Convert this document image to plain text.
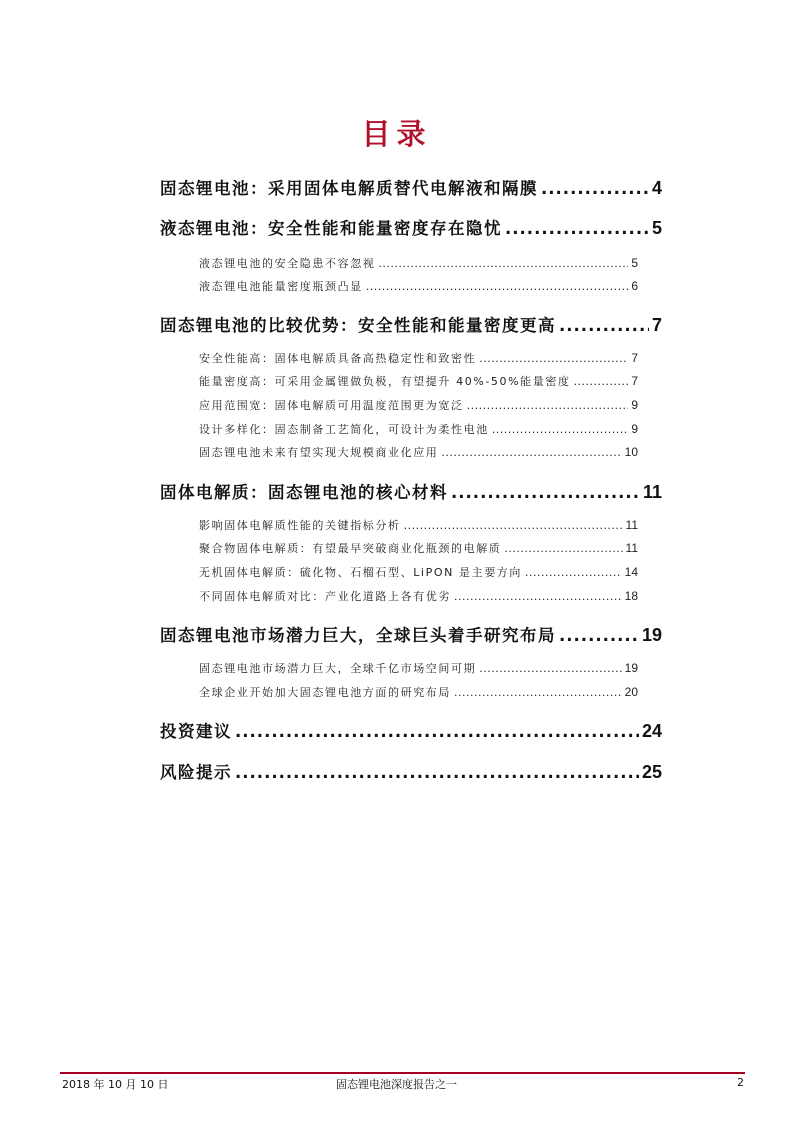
目录
固态锂电池：采用固体电解质替代电解液和隔膜 .....	4
液态锂电池：安全性能和能量密度存在隐忧 .....	5
液态锂电池的安全隐患不容忽视 .....	5
液态锂电池能量密度瓶颈凸显 .....	6
固态锂电池的比较优势：安全性能和能量密度更高 .....	7
安全性能高：固体电解质具备高热稳定性和致密性 .....	7
能量密度高：可采用金属锂做负极，有望提升 40%-50%能量密度 .....	7
应用范围宽：固体电解质可用温度范围更为宽泛 .....	9
设计多样化：固态制备工艺简化，可设计为柔性电池 .....	9
固态锂电池未来有望实现大规模商业化应用 .....	10
固体电解质：固态锂电池的核心材料 .....	11
影响固体电解质性能的关键指标分析 .....	11
聚合物固体电解质：有望最早突破商业化瓶颈的电解质 .....	11
无机固体电解质：硫化物、石榴石型、LiPON 是主要方向 .....	14
不同固体电解质对比：产业化道路上各有优劣 .....	18
固态锂电池市场潜力巨大，全球巨头着手研究布局 .....	19
固态锂电池市场潜力巨大，全球千亿市场空间可期 .....	19
全球企业开始加大固态锂电池方面的研究布局 .....	20
投资建议 .....	24
风险提示 .....	25
2018 年 10 月 10 日	固态锂电池深度报告之一	2
